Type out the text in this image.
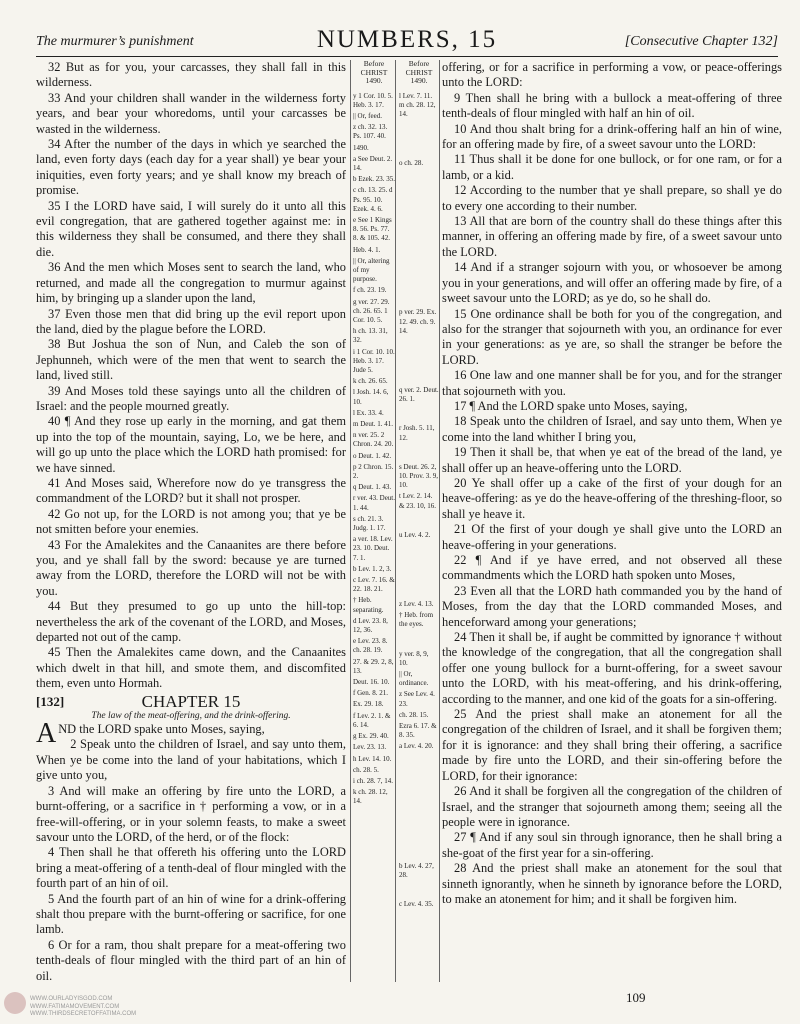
The murmurer’s punishment	NUMBERS, 15	[Consecutive Chapter 132]

32 But as for you, your carcasses, they shall fall in this wilderness.

33 And your children shall wander in the wilderness forty years, and bear your whoredoms, until your carcasses be wasted in the wilderness.

34 After the number of the days in which ye searched the land, even forty days (each day for a year shall) ye bear your iniquities, even forty years; and ye shall know my breach of promise.

35 I the LORD have said, I will surely do it unto all this evil congregation, that are gathered together against me: in this wilderness they shall be consumed, and there they shall die.

36 And the men which Moses sent to search the land, who returned, and made all the congregation to murmur against him, by bringing up a slander upon the land,

37 Even those men that did bring up the evil report upon the land, died by the plague before the LORD.

38 But Joshua the son of Nun, and Caleb the son of Jephunneh, which were of the men that went to search the land, lived still.

39 And Moses told these sayings unto all the children of Israel: and the people mourned greatly.

40 ¶ And they rose up early in the morning, and gat them up into the top of the mountain, saying, Lo, we be here, and will go up unto the place which the LORD hath promised: for we have sinned.

41 And Moses said, Wherefore now do ye transgress the commandment of the LORD? but it shall not prosper.

42 Go not up, for the LORD is not among you; that ye be not smitten before your enemies.

43 For the Amalekites and the Canaanites are there before you, and ye shall fall by the sword: because ye are turned away from the LORD, therefore the LORD will not be with you.

44 But they presumed to go up unto the hill-top: nevertheless the ark of the covenant of the LORD, and Moses, departed not out of the camp.

45 Then the Amalekites came down, and the Canaanites which dwelt in that hill, and smote them, and discomfited them, even unto Hormah.

[132]	CHAPTER 15
The law of the meat-offering, and the drink-offering.

A ND the LORD spake unto Moses, saying,

2 Speak unto the children of Israel, and say unto them, When ye be come into the land of your habitations, which I give unto you,

3 And will make an offering by fire unto the LORD, a burnt-offering, or a sacrifice in † performing a vow, or in a free-will-offering, or in your solemn feasts, to make a sweet savour unto the LORD, of the herd, or of the flock:

4 Then shall he that offereth his offering unto the LORD bring a meat-offering of a tenth-deal of flour mingled with the fourth part of an hin of oil.

5 And the fourth part of an hin of wine for a drink-offering shalt thou prepare with the burnt-offering or sacrifice, for one lamb.

6 Or for a ram, thou shalt prepare for a meat-offering two tenth-deals of flour mingled with the third part of an hin of oil.

Before CHRIST 1490.
y 1 Cor. 10. 5. Heb. 3. 17.
|| Or, feed.
z ch. 32. 13. Ps. 107. 40.
1490.
a See Deut. 2. 14.
b Ezek. 23. 35.
c ch. 13. 25. d Ps. 95. 10. Ezek. 4. 6.
e See 1 Kings 8. 56. Ps. 77. 8. & 105. 42.
Heb. 4. 1.
|| Or, altering of my purpose.
f ch. 23. 19.
g ver. 27. 29. ch. 26. 65. 1 Cor. 10. 5.
h ch. 13. 31, 32.
i 1 Cor. 10. 10. Heb. 3. 17. Jude 5.
k ch. 26. 65.
l Josh. 14. 6, 10.
l Ex. 33. 4.
m Deut. 1. 41.
n ver. 25. 2 Chron. 24. 20.
o Deut. 1. 42.
p 2 Chron. 15. 2.
q Deut. 1. 43.
r ver. 43. Deut. 1. 44.
s ch. 21. 3. Judg. 1. 17.
a ver. 18. Lev. 23. 10. Deut. 7. 1.
b Lev. 1. 2, 3.
c Lev. 7. 16. & 22. 18. 21.
† Heb. separating.
d Lev. 23. 8, 12, 36.
e Lev. 23. 8. ch. 28. 19.
27. & 29. 2, 8, 13.
Deut. 16. 10.
f Gen. 8. 21.
Ex. 29. 18.
f Lev. 2. 1. & 6. 14.
g Ex. 29. 40.
Lev. 23. 13.
h Lev. 14. 10.
ch. 28. 5.
i ch. 28. 7, 14.
k ch. 28. 12, 14.
Before CHRIST 1490.
l Lev. 7. 11. m ch. 28. 12, 14.
o ch. 28.
p ver. 29. Ex. 12. 49. ch. 9. 14.
q ver. 2. Deut. 26. 1.
r Josh. 5. 11, 12.
s Deut. 26. 2, 10. Prov. 3. 9, 10.
t Lev. 2. 14. & 23. 10, 16.
u Lev. 4. 2.
z Lev. 4. 13.
† Heb. from the eyes.
y ver. 8, 9, 10.
|| Or, ordinance.
z See Lev. 4. 23.
ch. 28. 15.
Ezra 6. 17. & 8. 35.
a Lev. 4. 20.
b Lev. 4. 27, 28.
c Lev. 4. 35.

offering, or for a sacrifice in performing a vow, or peace-offerings unto the LORD:

9 Then shall he bring with a bullock a meat-offering of three tenth-deals of flour mingled with half an hin of oil.

10 And thou shalt bring for a drink-offering half an hin of wine, for an offering made by fire, of a sweet savour unto the LORD:

11 Thus shall it be done for one bullock, or for one ram, or for a lamb, or a kid.

12 According to the number that ye shall prepare, so shall ye do to every one according to their number.

13 All that are born of the country shall do these things after this manner, in offering an offering made by fire, of a sweet savour unto the LORD.

14 And if a stranger sojourn with you, or whosoever be among you in your generations, and will offer an offering made by fire, of a sweet savour unto the LORD; as ye do, so he shall do.

15 One ordinance shall be both for you of the congregation, and also for the stranger that sojourneth with you, an ordinance for ever in your generations: as ye are, so shall the stranger be before the LORD.

16 One law and one manner shall be for you, and for the stranger that sojourneth with you.

17 ¶ And the LORD spake unto Moses, saying,

18 Speak unto the children of Israel, and say unto them, When ye come into the land whither I bring you,

19 Then it shall be, that when ye eat of the bread of the land, ye shall offer up an heave-offering unto the LORD.

20 Ye shall offer up a cake of the first of your dough for an heave-offering: as ye do the heave-offering of the threshing-floor, so shall ye heave it.

21 Of the first of your dough ye shall give unto the LORD an heave-offering in your generations.

22 ¶ And if ye have erred, and not observed all these commandments which the LORD hath spoken unto Moses,

23 Even all that the LORD hath commanded you by the hand of Moses, from the day that the LORD commanded Moses, and henceforward among your generations;

24 Then it shall be, if aught be committed by ignorance † without the knowledge of the congregation, that all the congregation shall offer one young bullock for a burnt-offering, for a sweet savour unto the LORD, with his meat-offering, and his drink-offering, according to the manner, and one kid of the goats for a sin-offering.

25 And the priest shall make an atonement for all the congregation of the children of Israel, and it shall be forgiven them; for it is ignorance: and they shall bring their offering, a sacrifice made by fire unto the LORD, and their sin-offering before the LORD, for their ignorance:

26 And it shall be forgiven all the congregation of the children of Israel, and the stranger that sojourneth among them; seeing all the people were in ignorance.

27 ¶ And if any soul sin through ignorance, then he shall bring a she-goat of the first year for a sin-offering.

28 And the priest shall make an atonement for the soul that sinneth ignorantly, when he sinneth by ignorance before the LORD, to make an atonement for him; and it shall be forgiven him.

WWW.OURLADYISGOD.COM
WWW.FATIMAMOVEMENT.COM
WWW.THIRDSECRETOFFATIMA.COM
109
